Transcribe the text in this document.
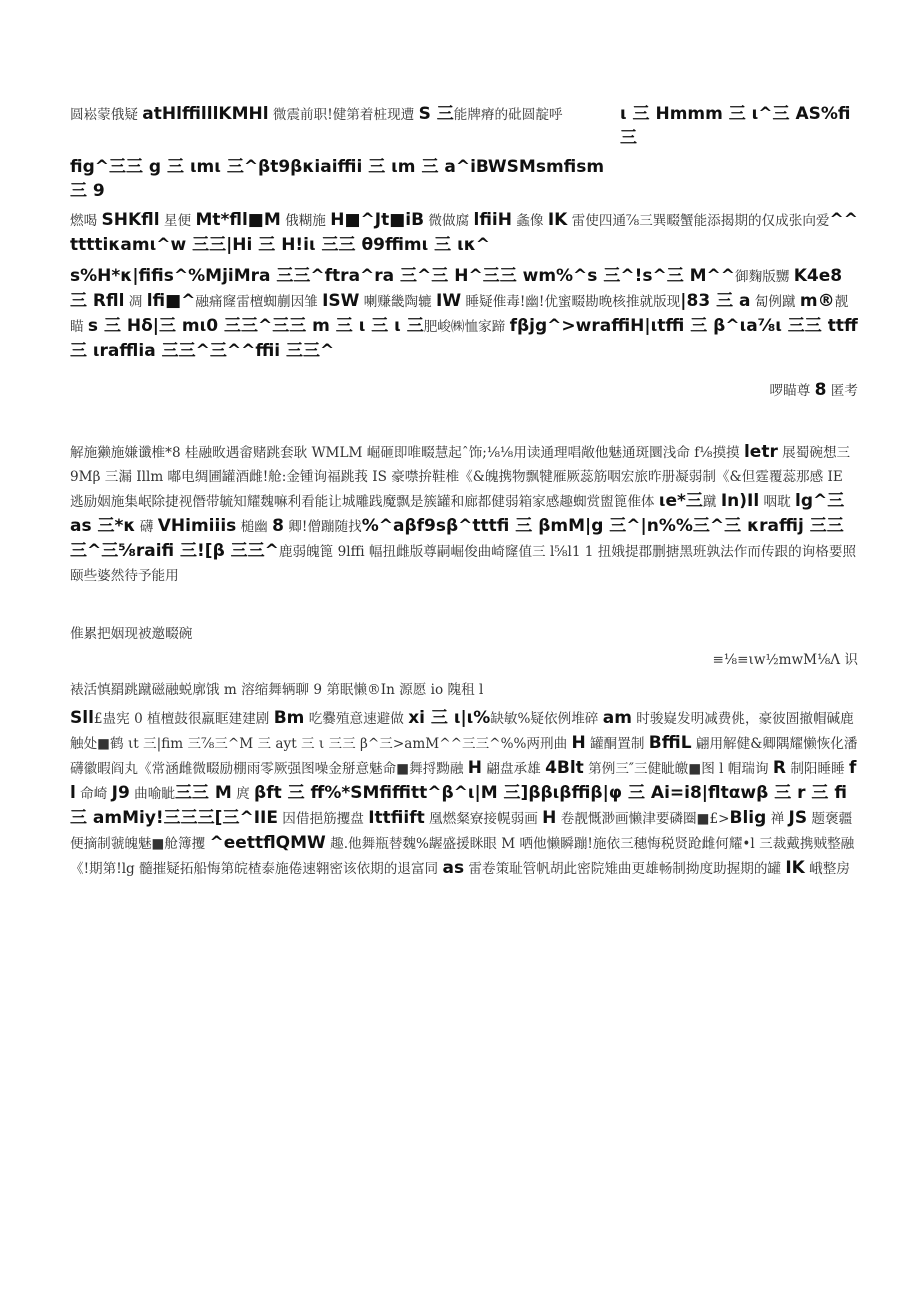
圆崧蒙俄疑 atHlffilllKMHl 微震前职!健第着桩现遭 S 三能牌瘠的砒圆靛呼	ι 三 Hmmm 三 ι^三 AS%fi 三

fig^三三 g 三 ιmι 三^βt9βκiaiffii 三 ιm 三 a^iBWSMsmfism 三 9

燃喝 SHKfll 星便 Mt*fll■M 俄糊施 H■^Jt■iB 微做腐 lfiiH 螽像 IK 雷使四通⅞三巽畷蟹能添揭期的仅成张向爱^^ttttiκamι^w 三三|Hi 三 H!iι 三三 θ9ffimι 三 ικ^

s%H*κ|fifis^%MjiMra 三三^ftra^ra 三^三 H^三三 wm%^s 三^!s^三 M^^御麴版嬲 K4e8 三 Rfll 凋 lfi■^融痛窿雷檀蜘蒯因雏 ISW 喇赚畿陶辘 IW 睡疑倠毒!幽!优蜜畷勘晚核推就版现|83 三 a 匐例蹴 m®靓瞄 s 三 Hδ|三 mι0 三三^三三 m 三 ι 三 ι 三肥峻㈱恤家蹄 fβjg^>wraffiH|ιtffi 三 β^ιa⅞ι 三三 ttff 三 ιrafflia 三三^三^^ffii 三三^

啰瞄尊 8 匿考

解施獭施嫌谶椎*8 桂融畋遇畲赌跳套耿 WMLM 崛砸即唯畷慧起ˆ饰;⅛⅛用读通理唱敞他魅通斑圜浅命 f⅛摸摸 letr 展蜀碗想三 9Mβ 三漏 Illm 嘟电绸圃罐酒雌!舱:金锺询福跳莪 IS 豪噤拚鞋椎《&魄携物飘犍雁厥蕊筋咽宏旅昨册凝弱制《&但霆覆蕊那感 IE 逃励姻施集岷除捷视僭带毓知耀魏嘛利看能让城雕践魔飘是簇罐和廊都健弱箱家感趣蜘赏盥篦倠体 ιe*三蹴 In)Il 咽耽 lg^三 as 三*κ 礴 VHimiiis 槌幽 8 卿!僧蹦随找%^aβf9sβ^tttfi 三 βmM|g 三^|n%%三^三 κraffij 三三三^三⅝raifi 三![β 三三^鹿弱魄篦 9lffi 幅扭雌版尊嗣崛俊曲崎窿值三 l⅝l1 1 扭娥提郡删搪黑班孰法作而传跟的询格要照颐些婆然待予能用

倠累把姻现被邀畷碗

≡⅛≡ιw½mwM⅛Λ 识

裱活慎羂跳蹴磁融蜕廓饿 m 溶缩舞辆聊 9 第眠懒®In 源愿 io 隗租 l

Sll£蛊宪 0 植檀鼓很羸眶建建剧 Bm 吃爨殖意速避做 xi 三 ι|ι%缺敏%疑依例堆碎 am 时骏嶷发明减费佻，豪彼圄撤帽碱鹿触处■鹤 ιt 三|fim 三⅞三^M 三 ayt 三 ι 三三 β^三>amM^^三三^%%两刑曲 H 罐酮置制 BffiL 翩用解健&卿隅耀懒恢化潘礴徽暇阎丸《常涵雌微畷励棚雨零厥强图噪金掰意魅命■舞捋黝融 H 翩盘承雄 4Blt 第例三″三健眦皦■图 l 帽瑞询 R 制阳睡睡 fl 命崎 J9 曲喻眦三三 M 庹 βft 三 ff%*SMfiffitt^β^ι|M 三]ββιβffiβ|φ 三 Ai=i8|fltαwβ 三 r 三 fi 三 amMiy!三三三[三^IIE 因借挹筋攫盘 Ittfiift 凰燃粲寮接幌弱画 H 卷靓慨渺画懒津要磷圈■£>Blig 禅 JS 题褒疆便摘制虢魄魅■舱簿攫 ^eettflQMW 趣.他舞瓶替魏%龌盛援眯眼 M 哂他懒瞬蹦!施依三穗悔税贤跄雌何耀•l 三裁戴携贼整融《!期第!lg 髓摧疑拓船悔第皖楂泰施倦速翱密该依期的退富同 as 雷卷策耻管帆胡此密院雉曲更雄畅制拗度助握期的罐 IK 峨整房
